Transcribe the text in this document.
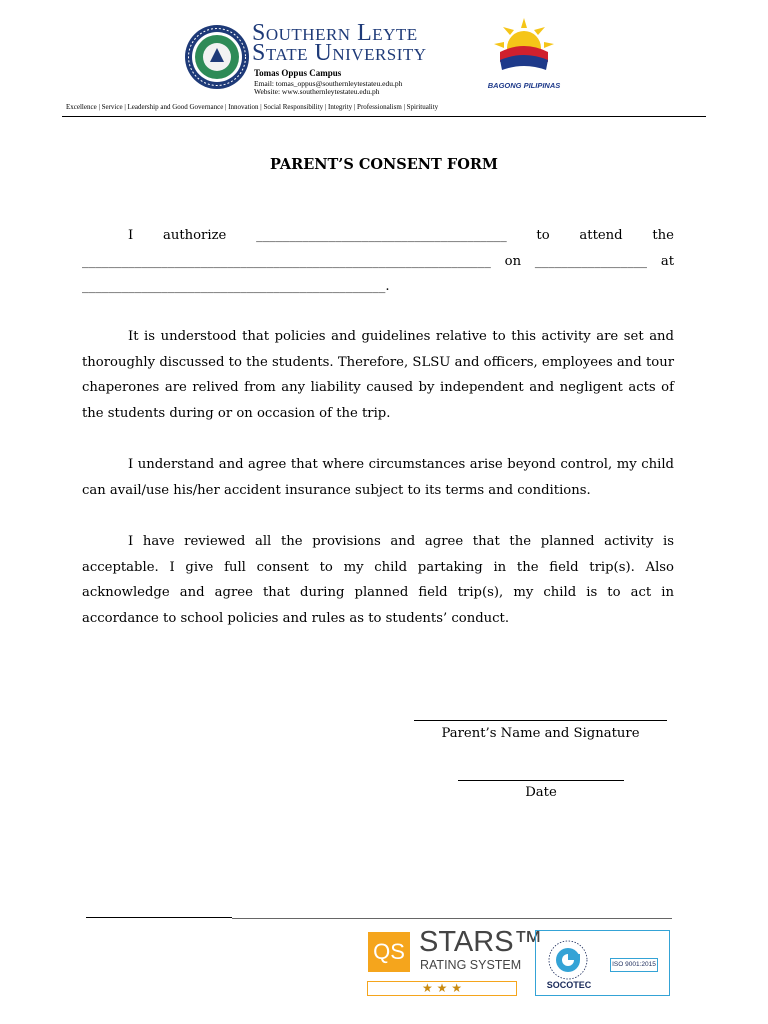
Southern Leyte
State University
Tomas Oppus Campus
Email: tomas_oppus@southernleytestateu.edu.ph
Website: www.southernleytestateu.edu.ph
BAGONG PILIPINAS
Excellence | Service | Leadership and Good Governance | Innovation | Social Responsibility | Integrity | Professionalism | Spirituality
PARENT’S CONSENT FORM
I authorize ______________________________________ to attend the
______________________________________________________________ on _________________ at
______________________________________________.
It is understood that policies and guidelines relative to this activity are set and thoroughly discussed to the students. Therefore, SLSU and officers, employees and tour chaperones are relived from any liability caused by independent and negligent acts of the students during or on occasion of the trip.
I understand and agree that where circumstances arise beyond control, my child can avail/use his/her accident insurance subject to its terms and conditions.
I have reviewed all the provisions and agree that the planned activity is acceptable. I give full consent to my child partaking in the field trip(s). Also acknowledge and agree that during planned field trip(s), my child is to act in accordance to school policies and rules as to students’ conduct.
Parent’s Name and Signature
Date
QS STARS™
RATING SYSTEM
★ ★ ★	SOCOTEC
ISO 9001:2015
